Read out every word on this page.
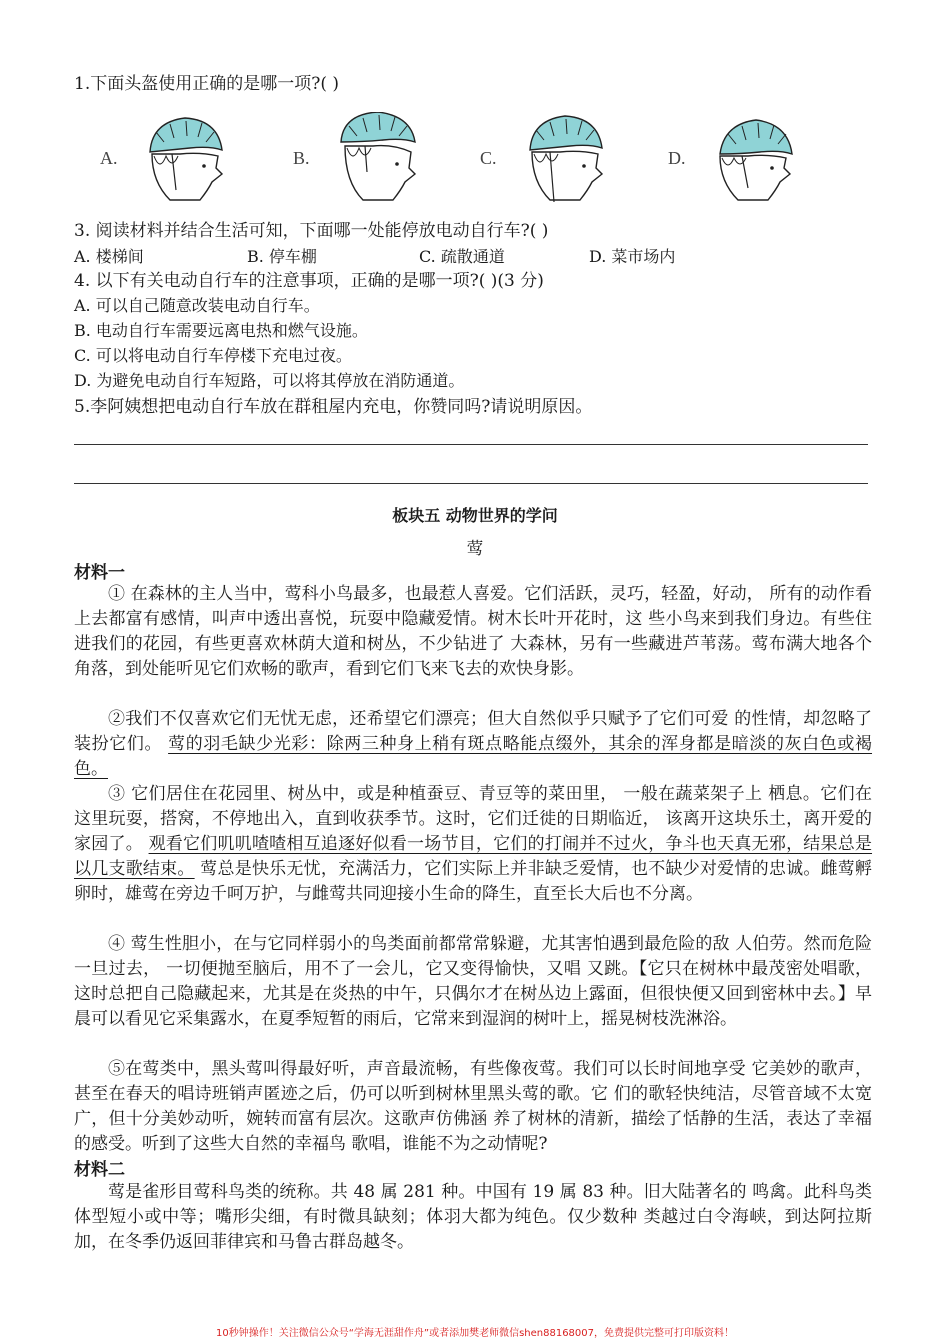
1.下面头盔使用正确的是哪一项?( )
A.	B.	C.	D.
3. 阅读材料并结合生活可知，下面哪一处能停放电动自行车?( )
A. 楼梯间	B. 停车棚	C. 疏散通道	D. 菜市场内
4. 以下有关电动自行车的注意事项，正确的是哪一项?( )(3 分)
A. 可以自己随意改装电动自行车。
B. 电动自行车需要远离电热和燃气设施。
C. 可以将电动自行车停楼下充电过夜。
D. 为避免电动自行车短路，可以将其停放在消防通道。
5.李阿姨想把电动自行车放在群租屋内充电，你赞同吗?请说明原因。
板块五 动物世界的学问
莺
材料一

① 在森林的主人当中，莺科小鸟最多，也最惹人喜爱。它们活跃，灵巧，轻盈，好动， 所有的动作看上去都富有感情，叫声中透出喜悦，玩耍中隐藏爱情。树木长叶开花时，这 些小鸟来到我们身边。有些住进我们的花园，有些更喜欢林荫大道和树丛，不少钻进了 大森林，另有一些藏进芦苇荡。莺布满大地各个角落，到处能听见它们欢畅的歌声，看到它们飞来飞去的欢快身影。

②我们不仅喜欢它们无忧无虑，还希望它们漂亮；但大自然似乎只赋予了它们可爱 的性情，却忽略了装扮它们。 莺的羽毛缺少光彩：除两三种身上稍有斑点略能点缀外，其余的浑身都是暗淡的灰白色或褐色。

③ 它们居住在花园里、树丛中，或是种植蚕豆、青豆等的菜田里， 一般在蔬菜架子上 栖息。它们在这里玩耍，搭窝，不停地出入，直到收获季节。这时，它们迁徙的日期临近， 该离开这块乐土，离开爱的家园了。 观看它们叽叽喳喳相互追逐好似看一场节目，它们的打闹并不过火，争斗也天真无邪，结果总是以几支歌结束。 莺总是快乐无忧，充满活力，它们实际上并非缺乏爱情，也不缺少对爱情的忠诚。雌莺孵卵时，雄莺在旁边千呵万护，与雌莺共同迎接小生命的降生，直至长大后也不分离。

④ 莺生性胆小，在与它同样弱小的鸟类面前都常常躲避，尤其害怕遇到最危险的敌 人伯劳。然而危险一旦过去， 一切便抛至脑后，用不了一会儿，它又变得愉快，又唱 又跳。【它只在树林中最茂密处唱歌，这时总把自己隐藏起来，尤其是在炎热的中午，只偶尔才在树丛边上露面，但很快便又回到密林中去。】早晨可以看见它采集露水，在夏季短暂的雨后，它常来到湿润的树叶上，摇晃树枝洗淋浴。

⑤在莺类中，黑头莺叫得最好听，声音最流畅，有些像夜莺。我们可以长时间地享受 它美妙的歌声，甚至在春天的唱诗班销声匿迹之后，仍可以听到树林里黑头莺的歌。它 们的歌轻快纯洁，尽管音域不太宽广，但十分美妙动听，婉转而富有层次。这歌声仿佛涵 养了树林的清新，描绘了恬静的生活，表达了幸福的感受。听到了这些大自然的幸福鸟 歌唱，谁能不为之动情呢?

材料二

莺是雀形目莺科鸟类的统称。共 48 属 281 种。中国有 19 属 83 种。旧大陆著名的 鸣禽。此科鸟类体型短小或中等；嘴形尖细，有时微具缺刻；体羽大都为纯色。仅少数种 类越过白令海峡，到达阿拉斯加，在冬季仍返回菲律宾和马鲁古群岛越冬。

10秒钟操作！关注微信公众号“学海无涯甜作舟”或者添加樊老师微信shen88168007，免费提供完整可打印版资料！
